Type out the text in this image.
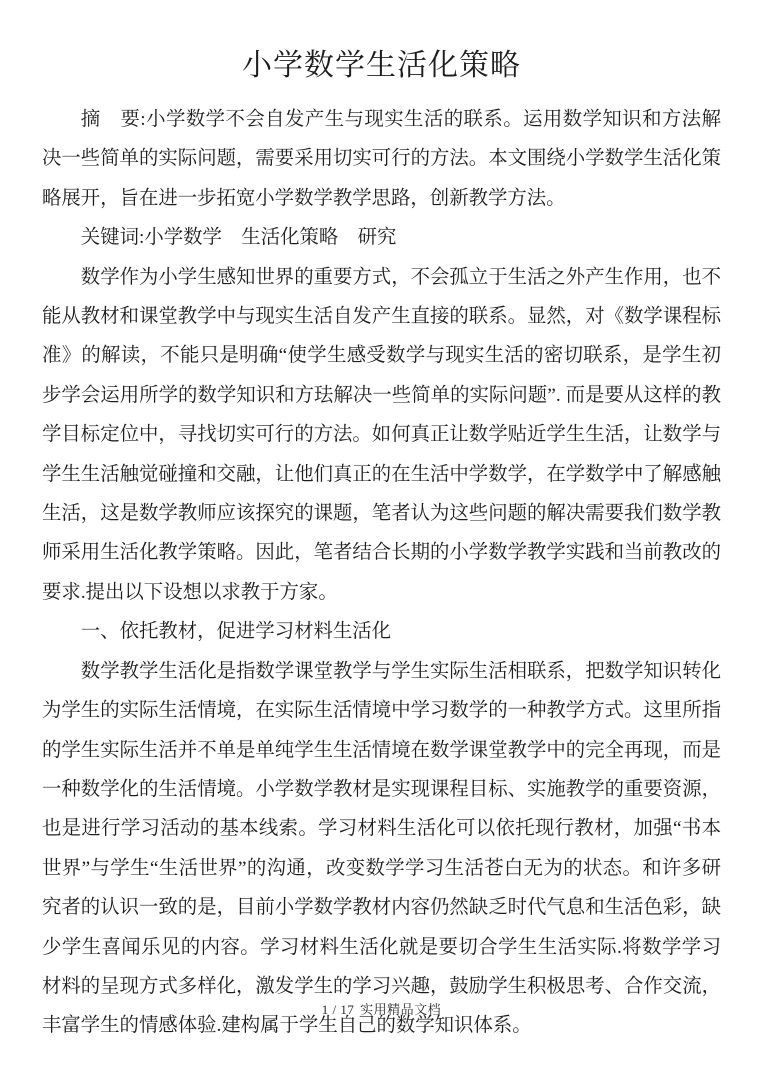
小学数学生活化策略

摘　要:小学数学不会自发产生与现实生活的联系。运用数学知识和方法解决一些简单的实际问题，需要采用切实可行的方法。本文围绕小学数学生活化策略展开，旨在进一步拓宽小学数学教学思路，创新教学方法。

关键词:小学数学　生活化策略　研究

数学作为小学生感知世界的重要方式，不会孤立于生活之外产生作用，也不能从教材和课堂教学中与现实生活自发产生直接的联系。显然，对《数学课程标准》的解读，不能只是明确“使学生感受数学与现实生活的密切联系，是学生初步学会运用所学的数学知识和方珐解决一些简单的实际问题”. 而是要从这样的教学目标定位中，寻找切实可行的方法。如何真正让数学贴近学生生活，让数学与学生生活触觉碰撞和交融，让他们真正的在生活中学数学，在学数学中了解感触生活，这是数学教师应该探究的课题，笔者认为这些问题的解决需要我们数学教师采用生活化教学策略。因此，笔者结合长期的小学数学教学实践和当前教改的要求.提出以下设想以求教于方家。

一、依托教材，促进学习材料生活化

数学教学生活化是指数学课堂教学与学生实际生活相联系，把数学知识转化为学生的实际生活情境，在实际生活情境中学习数学的一种教学方式。这里所指的学生实际生活并不单是单纯学生生活情境在数学课堂教学中的完全再现，而是一种数学化的生活情境。小学数学教材是实现课程目标、实施教学的重要资源，也是进行学习活动的基本线索。学习材料生活化可以依托现行教材，加强“书本世界”与学生“生活世界”的沟通，改变数学学习生活苍白无为的状态。和许多研究者的认识一致的是，目前小学数学教材内容仍然缺乏时代气息和生活色彩，缺少学生喜闻乐见的内容。学习材料生活化就是要切合学生生活实际.将数学学习材料的呈现方式多样化，激发学生的学习兴趣，鼓励学生积极思考、合作交流，丰富学生的情感体验.建构属于学生自己的数学知识体系。

1 / 17 实用精品文档
